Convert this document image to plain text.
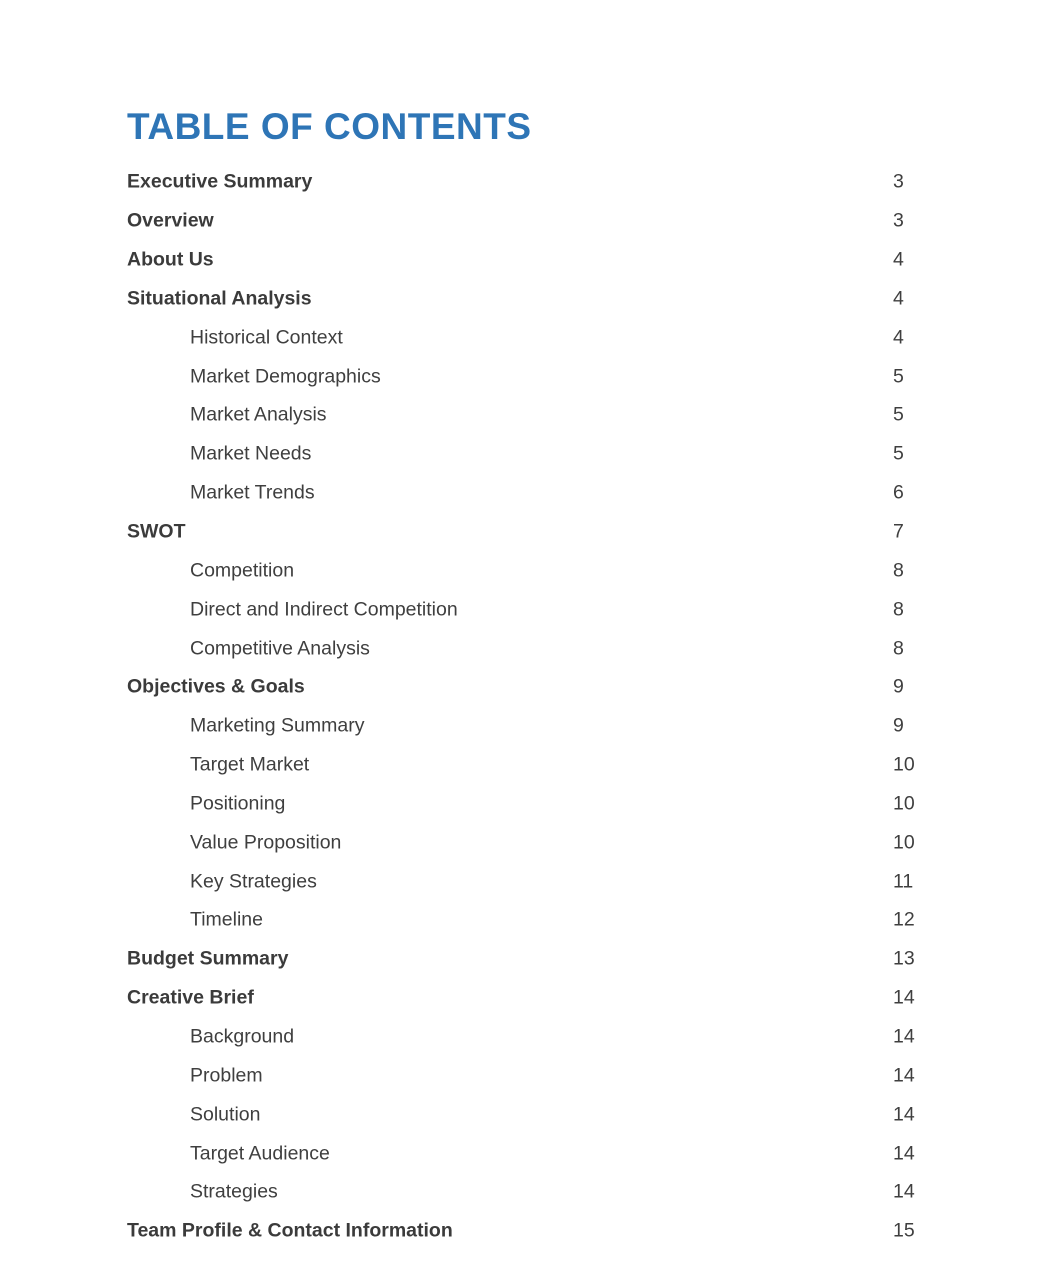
TABLE OF CONTENTS
Executive Summary	3
Overview	3
About Us	4
Situational Analysis	4
Historical Context	4
Market Demographics	5
Market Analysis	5
Market Needs	5
Market Trends	6
SWOT	7
Competition	8
Direct and Indirect Competition	8
Competitive Analysis	8
Objectives & Goals	9
Marketing Summary	9
Target Market	10
Positioning	10
Value Proposition	10
Key Strategies	11
Timeline	12
Budget Summary	13
Creative Brief	14
Background	14
Problem	14
Solution	14
Target Audience	14
Strategies	14
Team Profile & Contact Information	15
